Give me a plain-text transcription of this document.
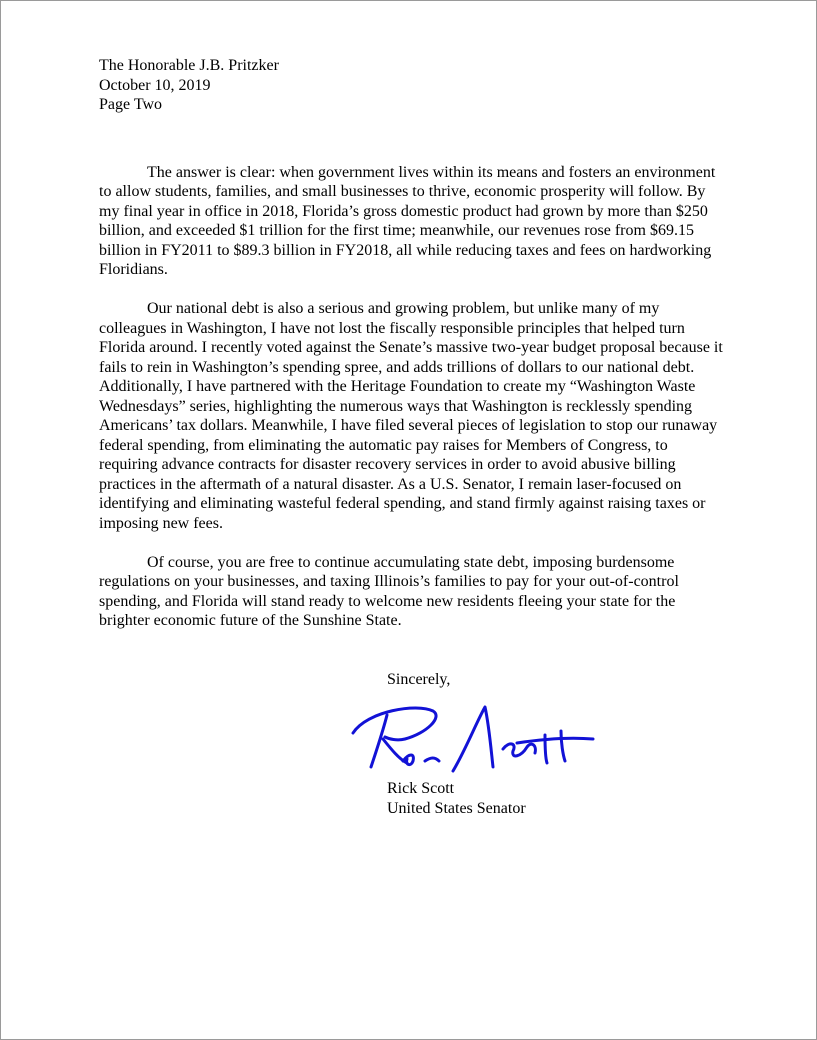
The Honorable J.B. Pritzker

October 10, 2019

Page Two

The answer is clear: when government lives within its means and fosters an environment to allow students, families, and small businesses to thrive, economic prosperity will follow. By my final year in office in 2018, Florida’s gross domestic product had grown by more than $250 billion, and exceeded $1 trillion for the first time; meanwhile, our revenues rose from $69.15 billion in FY2011 to $89.3 billion in FY2018, all while reducing taxes and fees on hardworking Floridians.

Our national debt is also a serious and growing problem, but unlike many of my colleagues in Washington, I have not lost the fiscally responsible principles that helped turn Florida around. I recently voted against the Senate’s massive two-year budget proposal because it fails to rein in Washington’s spending spree, and adds trillions of dollars to our national debt. Additionally, I have partnered with the Heritage Foundation to create my “Washington Waste Wednesdays” series, highlighting the numerous ways that Washington is recklessly spending Americans’ tax dollars. Meanwhile, I have filed several pieces of legislation to stop our runaway federal spending, from eliminating the automatic pay raises for Members of Congress, to requiring advance contracts for disaster recovery services in order to avoid abusive billing practices in the aftermath of a natural disaster. As a U.S. Senator, I remain laser-focused on identifying and eliminating wasteful federal spending, and stand firmly against raising taxes or imposing new fees.

Of course, you are free to continue accumulating state debt, imposing burdensome regulations on your businesses, and taxing Illinois’s families to pay for your out-of-control spending, and Florida will stand ready to welcome new residents fleeing your state for the brighter economic future of the Sunshine State.

Sincerely,
Rick Scott
United States Senator
